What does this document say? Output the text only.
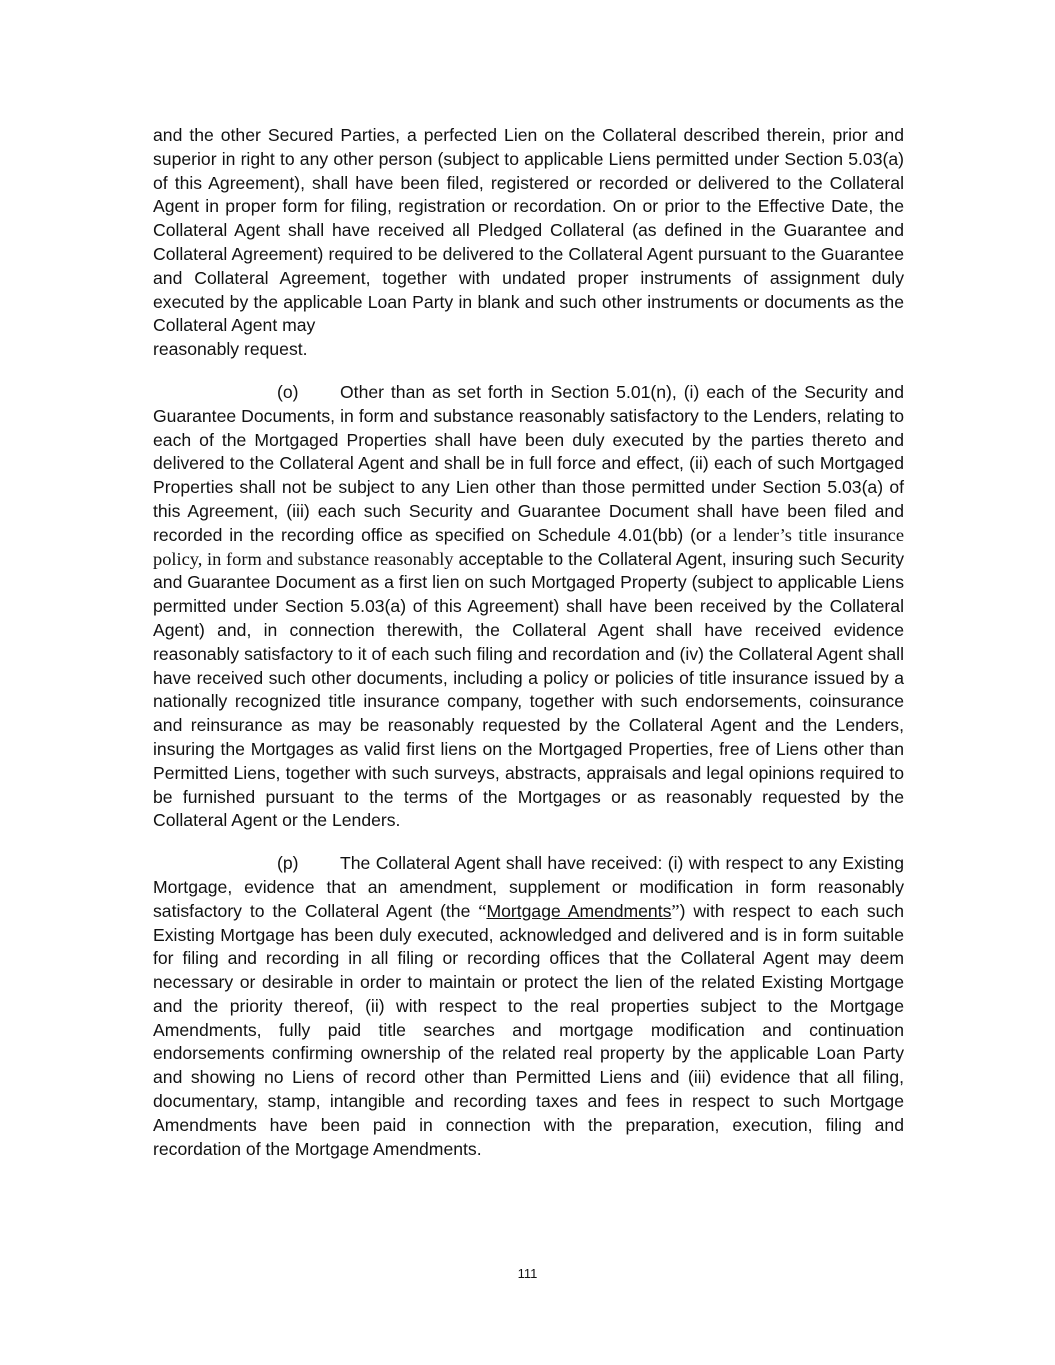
and the other Secured Parties, a perfected Lien on the Collateral described therein, prior and superior in right to any other person (subject to applicable Liens permitted under Section 5.03(a) of this Agreement), shall have been filed, registered or recorded or delivered to the Collateral Agent in proper form for filing, registration or recordation. On or prior to the Effective Date, the Collateral Agent shall have received all Pledged Collateral (as defined in the Guarantee and Collateral Agreement) required to be delivered to the Collateral Agent pursuant to the Guarantee and Collateral Agreement, together with undated proper instruments of assignment duly executed by the applicable Loan Party in blank and such other instruments or documents as the Collateral Agent may
reasonably request.

(o) Other than as set forth in Section 5.01(n), (i) each of the Security and Guarantee Documents, in form and substance reasonably satisfactory to the Lenders, relating to each of the Mortgaged Properties shall have been duly executed by the parties thereto and delivered to the Collateral Agent and shall be in full force and effect, (ii) each of such Mortgaged Properties shall not be subject to any Lien other than those permitted under Section 5.03(a) of this Agreement, (iii) each such Security and Guarantee Document shall have been filed and recorded in the recording office as specified on Schedule 4.01(bb) (or a lender’s title insurance policy, in form and substance reasonably acceptable to the Collateral Agent, insuring such Security and Guarantee Document as a first lien on such Mortgaged Property (subject to applicable Liens permitted under Section 5.03(a) of this Agreement) shall have been received by the Collateral Agent) and, in connection therewith, the Collateral Agent shall have received evidence reasonably satisfactory to it of each such filing and recordation and (iv) the Collateral Agent shall have received such other documents, including a policy or policies of title insurance issued by a nationally recognized title insurance company, together with such endorsements, coinsurance and reinsurance as may be reasonably requested by the Collateral Agent and the Lenders, insuring the Mortgages as valid first liens on the Mortgaged Properties, free of Liens other than Permitted Liens, together with such surveys, abstracts, appraisals and legal opinions required to be furnished pursuant to the terms of the Mortgages or as reasonably requested by the Collateral Agent or the Lenders.

(p) The Collateral Agent shall have received: (i) with respect to any Existing Mortgage, evidence that an amendment, supplement or modification in form reasonably satisfactory to the Collateral Agent (the “Mortgage Amendments”) with respect to each such Existing Mortgage has been duly executed, acknowledged and delivered and is in form suitable for filing and recording in all filing or recording offices that the Collateral Agent may deem necessary or desirable in order to maintain or protect the lien of the related Existing Mortgage and the priority thereof, (ii) with respect to the real properties subject to the Mortgage Amendments, fully paid title searches and mortgage modification and continuation endorsements confirming ownership of the related real property by the applicable Loan Party and showing no Liens of record other than Permitted Liens and (iii) evidence that all filing, documentary, stamp, intangible and recording taxes and fees in respect to such Mortgage Amendments have been paid in connection with the preparation, execution, filing and recordation of the Mortgage Amendments.

111
